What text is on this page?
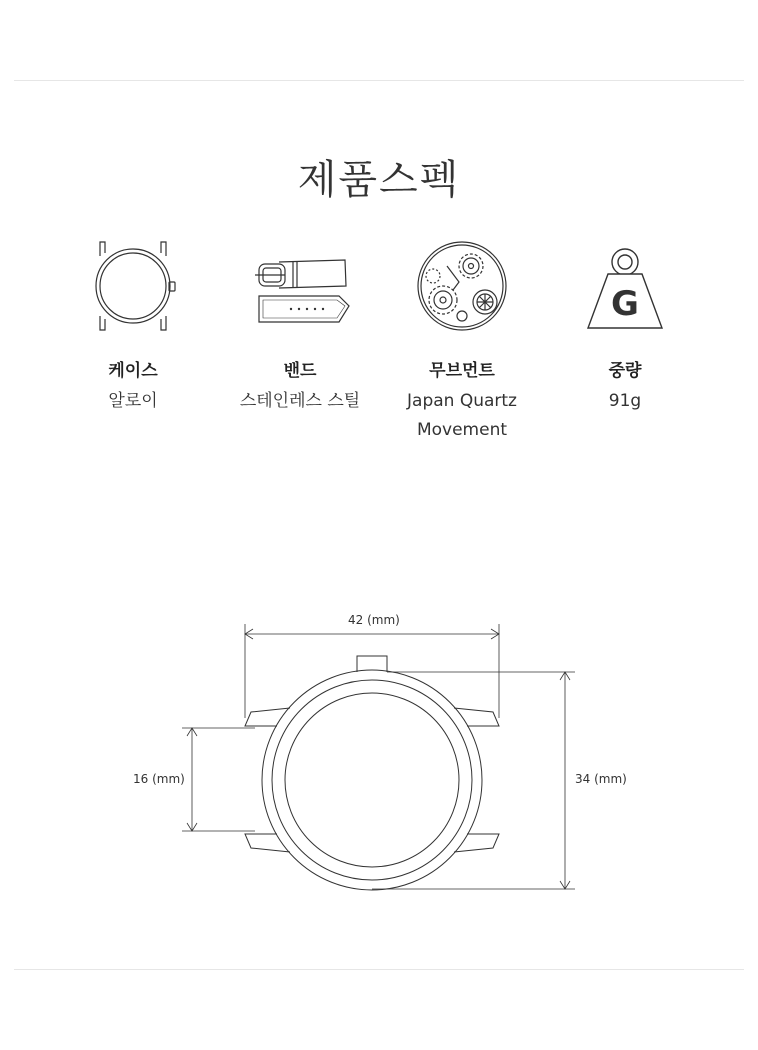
제품스펙
케이스
알로이
밴드
스테인레스 스틸
무브먼트
Japan Quartz Movement
G
중량
91g
42 (mm)
16 (mm)	34 (mm)
